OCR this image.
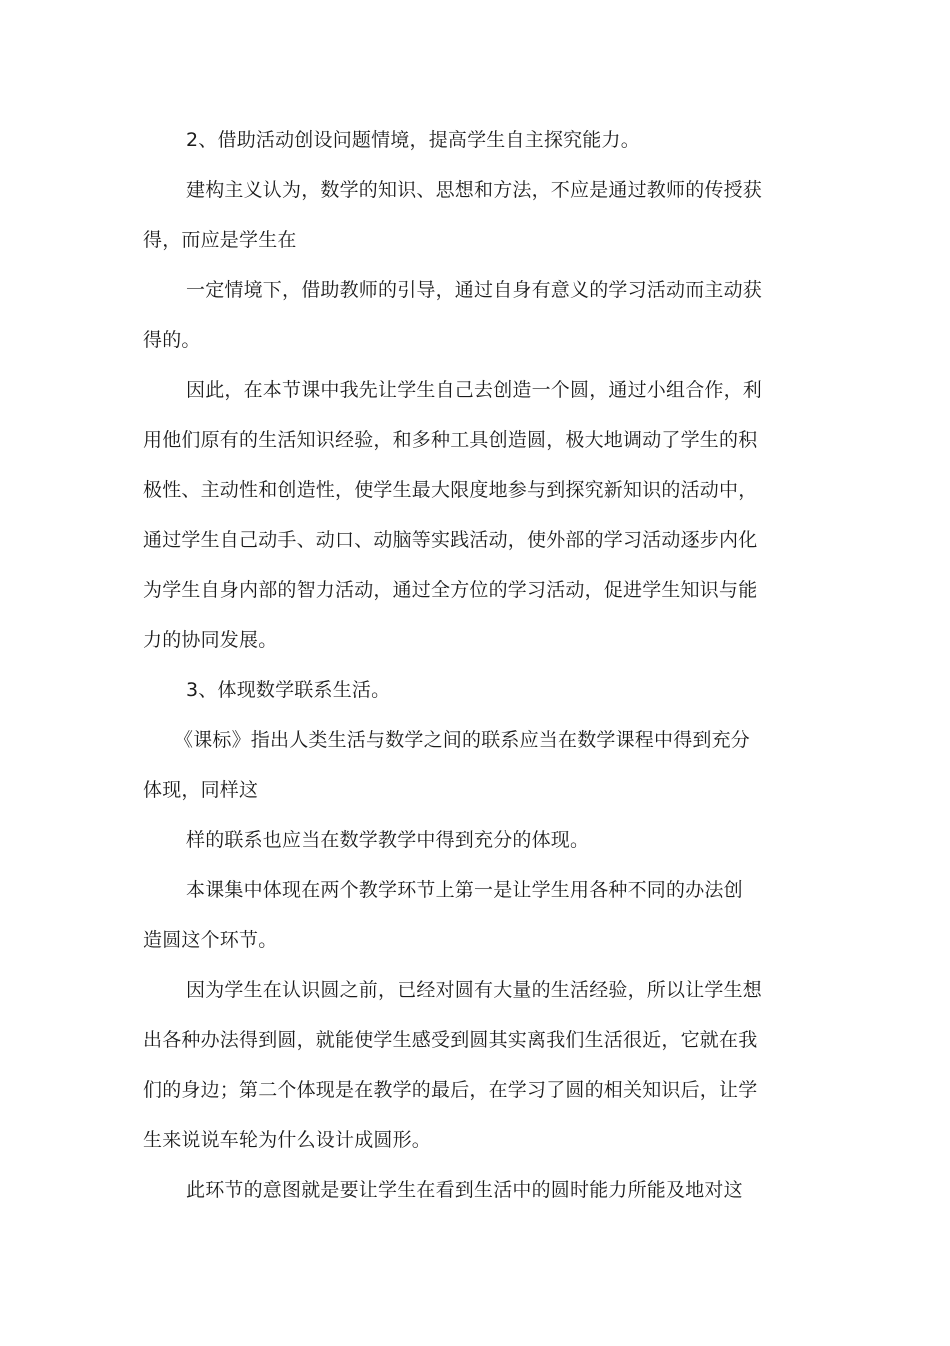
2、借助活动创设问题情境，提高学生自主探究能力。
建构主义认为，数学的知识、思想和方法，不应是通过教师的传授获
得，而应是学生在
一定情境下，借助教师的引导，通过自身有意义的学习活动而主动获
得的。
因此，在本节课中我先让学生自己去创造一个圆，通过小组合作，利
用他们原有的生活知识经验，和多种工具创造圆，极大地调动了学生的积
极性、主动性和创造性，使学生最大限度地参与到探究新知识的活动中，
通过学生自己动手、动口、动脑等实践活动，使外部的学习活动逐步内化
为学生自身内部的智力活动，通过全方位的学习活动，促进学生知识与能
力的协同发展。
3、体现数学联系生活。
《课标》指出人类生活与数学之间的联系应当在数学课程中得到充分
体现，同样这
样的联系也应当在数学教学中得到充分的体现。
本课集中体现在两个教学环节上第一是让学生用各种不同的办法创
造圆这个环节。
因为学生在认识圆之前，已经对圆有大量的生活经验，所以让学生想
出各种办法得到圆，就能使学生感受到圆其实离我们生活很近，它就在我
们的身边；第二个体现是在教学的最后，在学习了圆的相关知识后，让学
生来说说车轮为什么设计成圆形。
此环节的意图就是要让学生在看到生活中的圆时能力所能及地对这
